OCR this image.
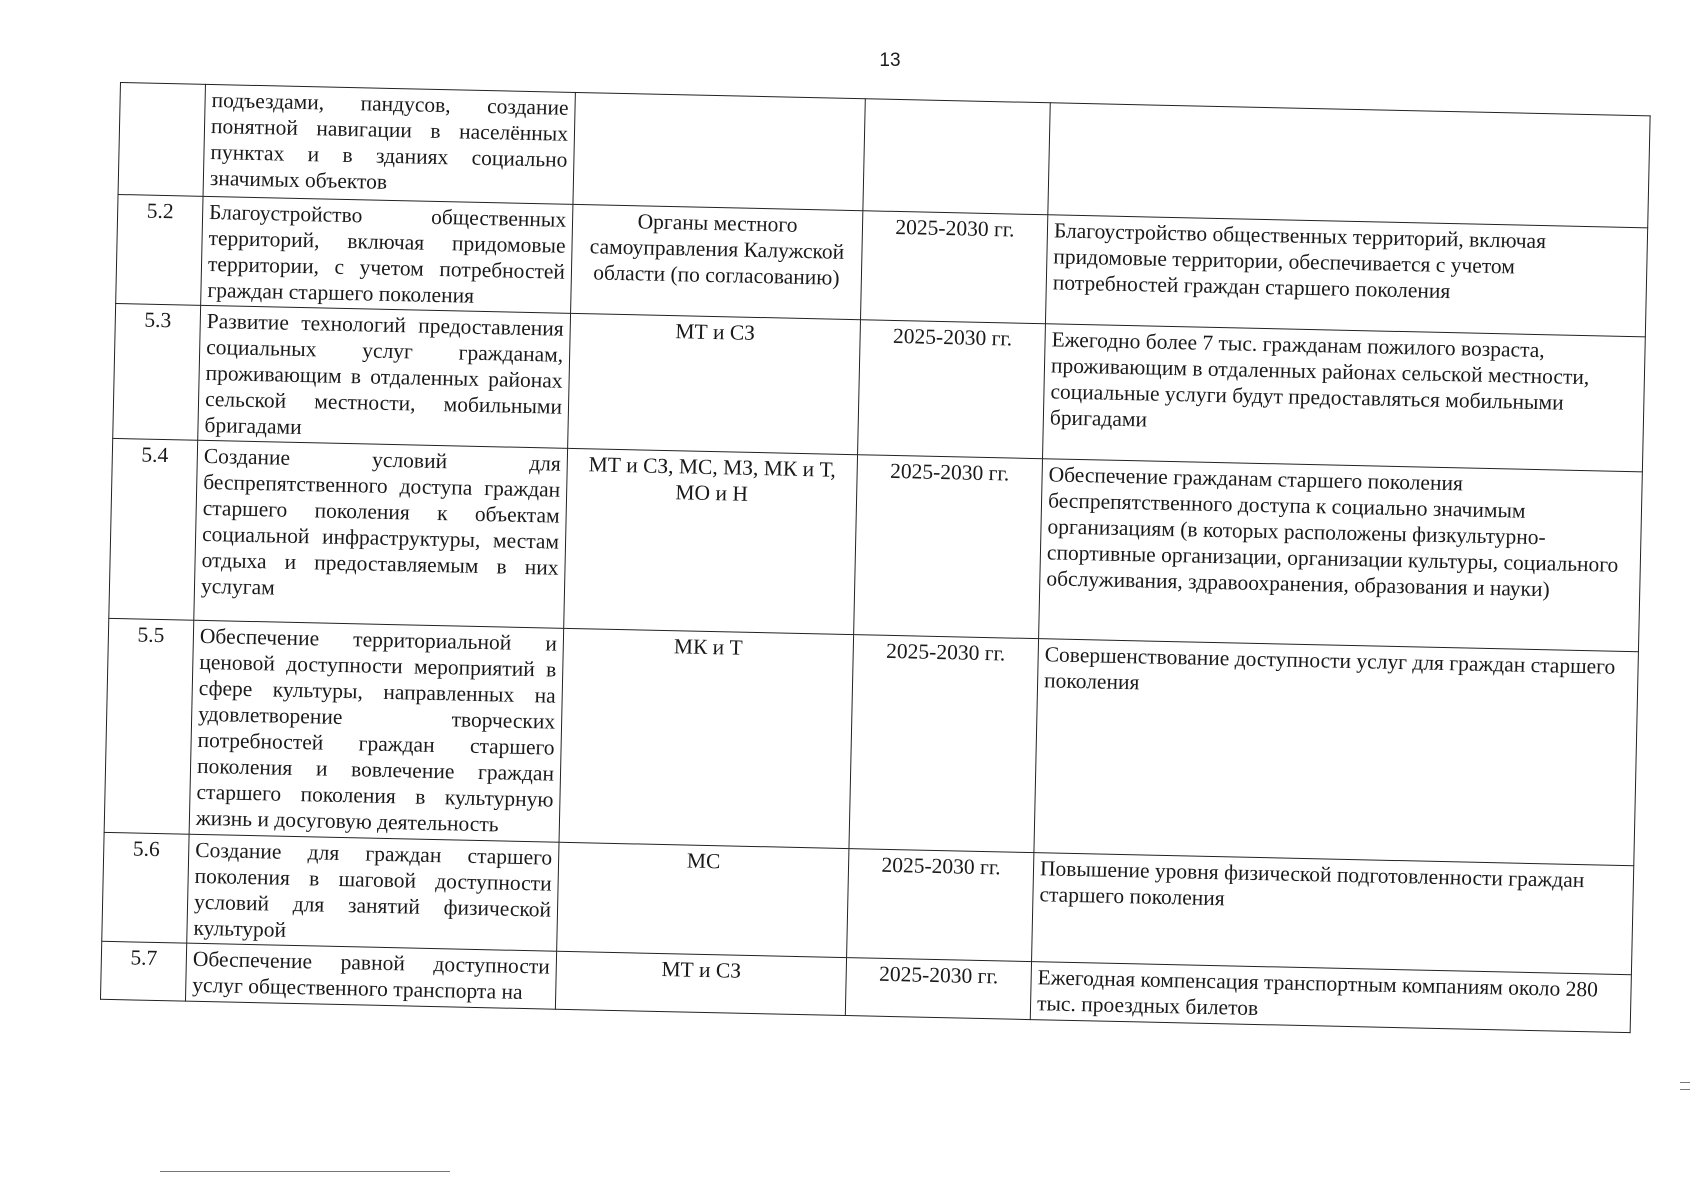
13
	подъездами, пандусов, создание понятной навигации в населённых пунктах и в зданиях социально значимых объектов			
5.2	Благоустройство общественных территорий, включая придомовые территории, с учетом потребностей граждан старшего поколения	Органы местного самоуправления Калужской области (по согласованию)	2025-2030 гг.	Благоустройство общественных территорий, включая придомовые территории, обеспечивается с учетом потребностей граждан старшего поколения
5.3	Развитие технологий предоставления социальных услуг гражданам, проживающим в отдаленных районах сельской местности, мобильными бригадами	МТ и СЗ	2025-2030 гг.	Ежегодно более 7 тыс. гражданам пожилого возраста, проживающим в отдаленных районах сельской местности, социальные услуги будут предоставляться мобильными бригадами
5.4	Создание условий для беспрепятственного доступа граждан старшего поколения к объектам социальной инфраструктуры, местам отдыха и предоставляемым в них услугам	МТ и СЗ, МС, МЗ, МК и Т, МО и Н	2025-2030 гг.	Обеспечение гражданам старшего поколения беспрепятственного доступа к социально значимым организациям (в которых расположены физкультурно-спортивные организации, организации культуры, социального обслуживания, здравоохранения, образования и науки)
5.5	Обеспечение территориальной и ценовой доступности мероприятий в сфере культуры, направленных на удовлетворение творческих потребностей граждан старшего поколения и вовлечение граждан старшего поколения в культурную жизнь и досуговую деятельность	МК и Т	2025-2030 гг.	Совершенствование доступности услуг для граждан старшего поколения
5.6	Создание для граждан старшего поколения в шаговой доступности условий для занятий физической культурой	МС	2025-2030 гг.	Повышение уровня физической подготовленности граждан старшего поколения
5.7	Обеспечение равной доступности услуг общественного транспорта на	МТ и СЗ	2025-2030 гг.	Ежегодная компенсация транспортным компаниям около 280 тыс. проездных билетов
